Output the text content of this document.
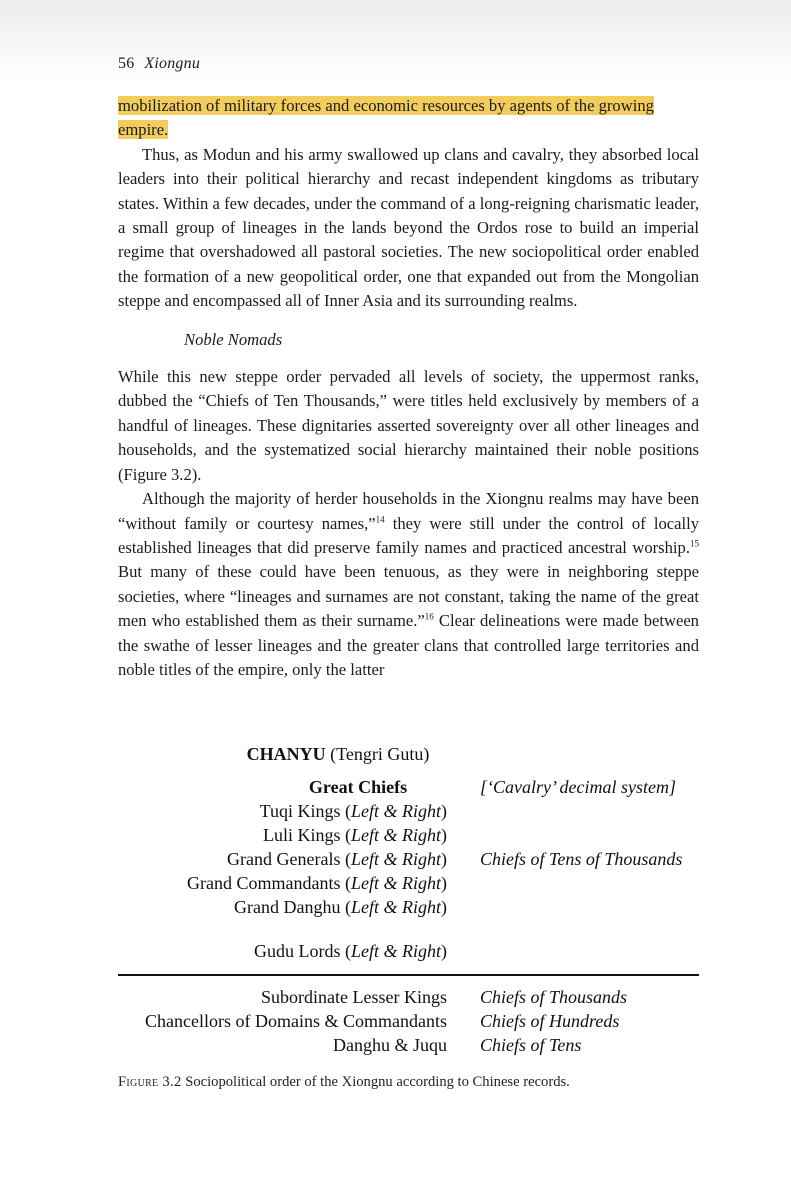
56 Xiongnu

mobilization of military forces and economic resources by agents of the growing
empire.

Thus, as Modun and his army swallowed up clans and cavalry, they absorbed local leaders into their political hierarchy and recast independent kingdoms as tributary states. Within a few decades, under the command of a long-reigning charismatic leader, a small group of lineages in the lands beyond the Ordos rose to build an imperial regime that overshadowed all pastoral societies. The new sociopolitical order enabled the formation of a new geopolitical order, one that expanded out from the Mongolian steppe and encompassed all of Inner Asia and its surrounding realms.

Noble Nomads

While this new steppe order pervaded all levels of society, the uppermost ranks, dubbed the “Chiefs of Ten Thousands,” were titles held exclusively by members of a handful of lineages. These dignitaries asserted sovereignty over all other lineages and households, and the systematized social hierarchy maintained their noble positions (Figure 3.2).

Although the majority of herder households in the Xiongnu realms may have been “without family or courtesy names,”$^{14}$ they were still under the control of locally established lineages that did preserve family names and practiced ancestral worship.$^{15}$ But many of these could have been tenuous, as they were in neighboring steppe societies, where “lineages and surnames are not constant, taking the name of the great men who established them as their surname.”$^{16}$ Clear delineations were made between the swathe of lesser lineages and the greater clans that controlled large territories and noble titles of the empire, only the latter

CHANYU (Tengri Gutu)
Great Chiefs	[‘Cavalry’ decimal system]
Tuqi Kings (Left & Right)
Luli Kings (Left & Right)
Grand Generals (Left & Right) Chiefs of Tens of Thousands
Grand Commandants (Left & Right)
Grand Danghu (Left & Right)
Gudu Lords (Left & Right)
Subordinate Lesser Kings Chiefs of Thousands
Chancellors of Domains & Commandants Chiefs of Hundreds
Danghu & Juqu Chiefs of Tens
Figure 3.2 Sociopolitical order of the Xiongnu according to Chinese records.
